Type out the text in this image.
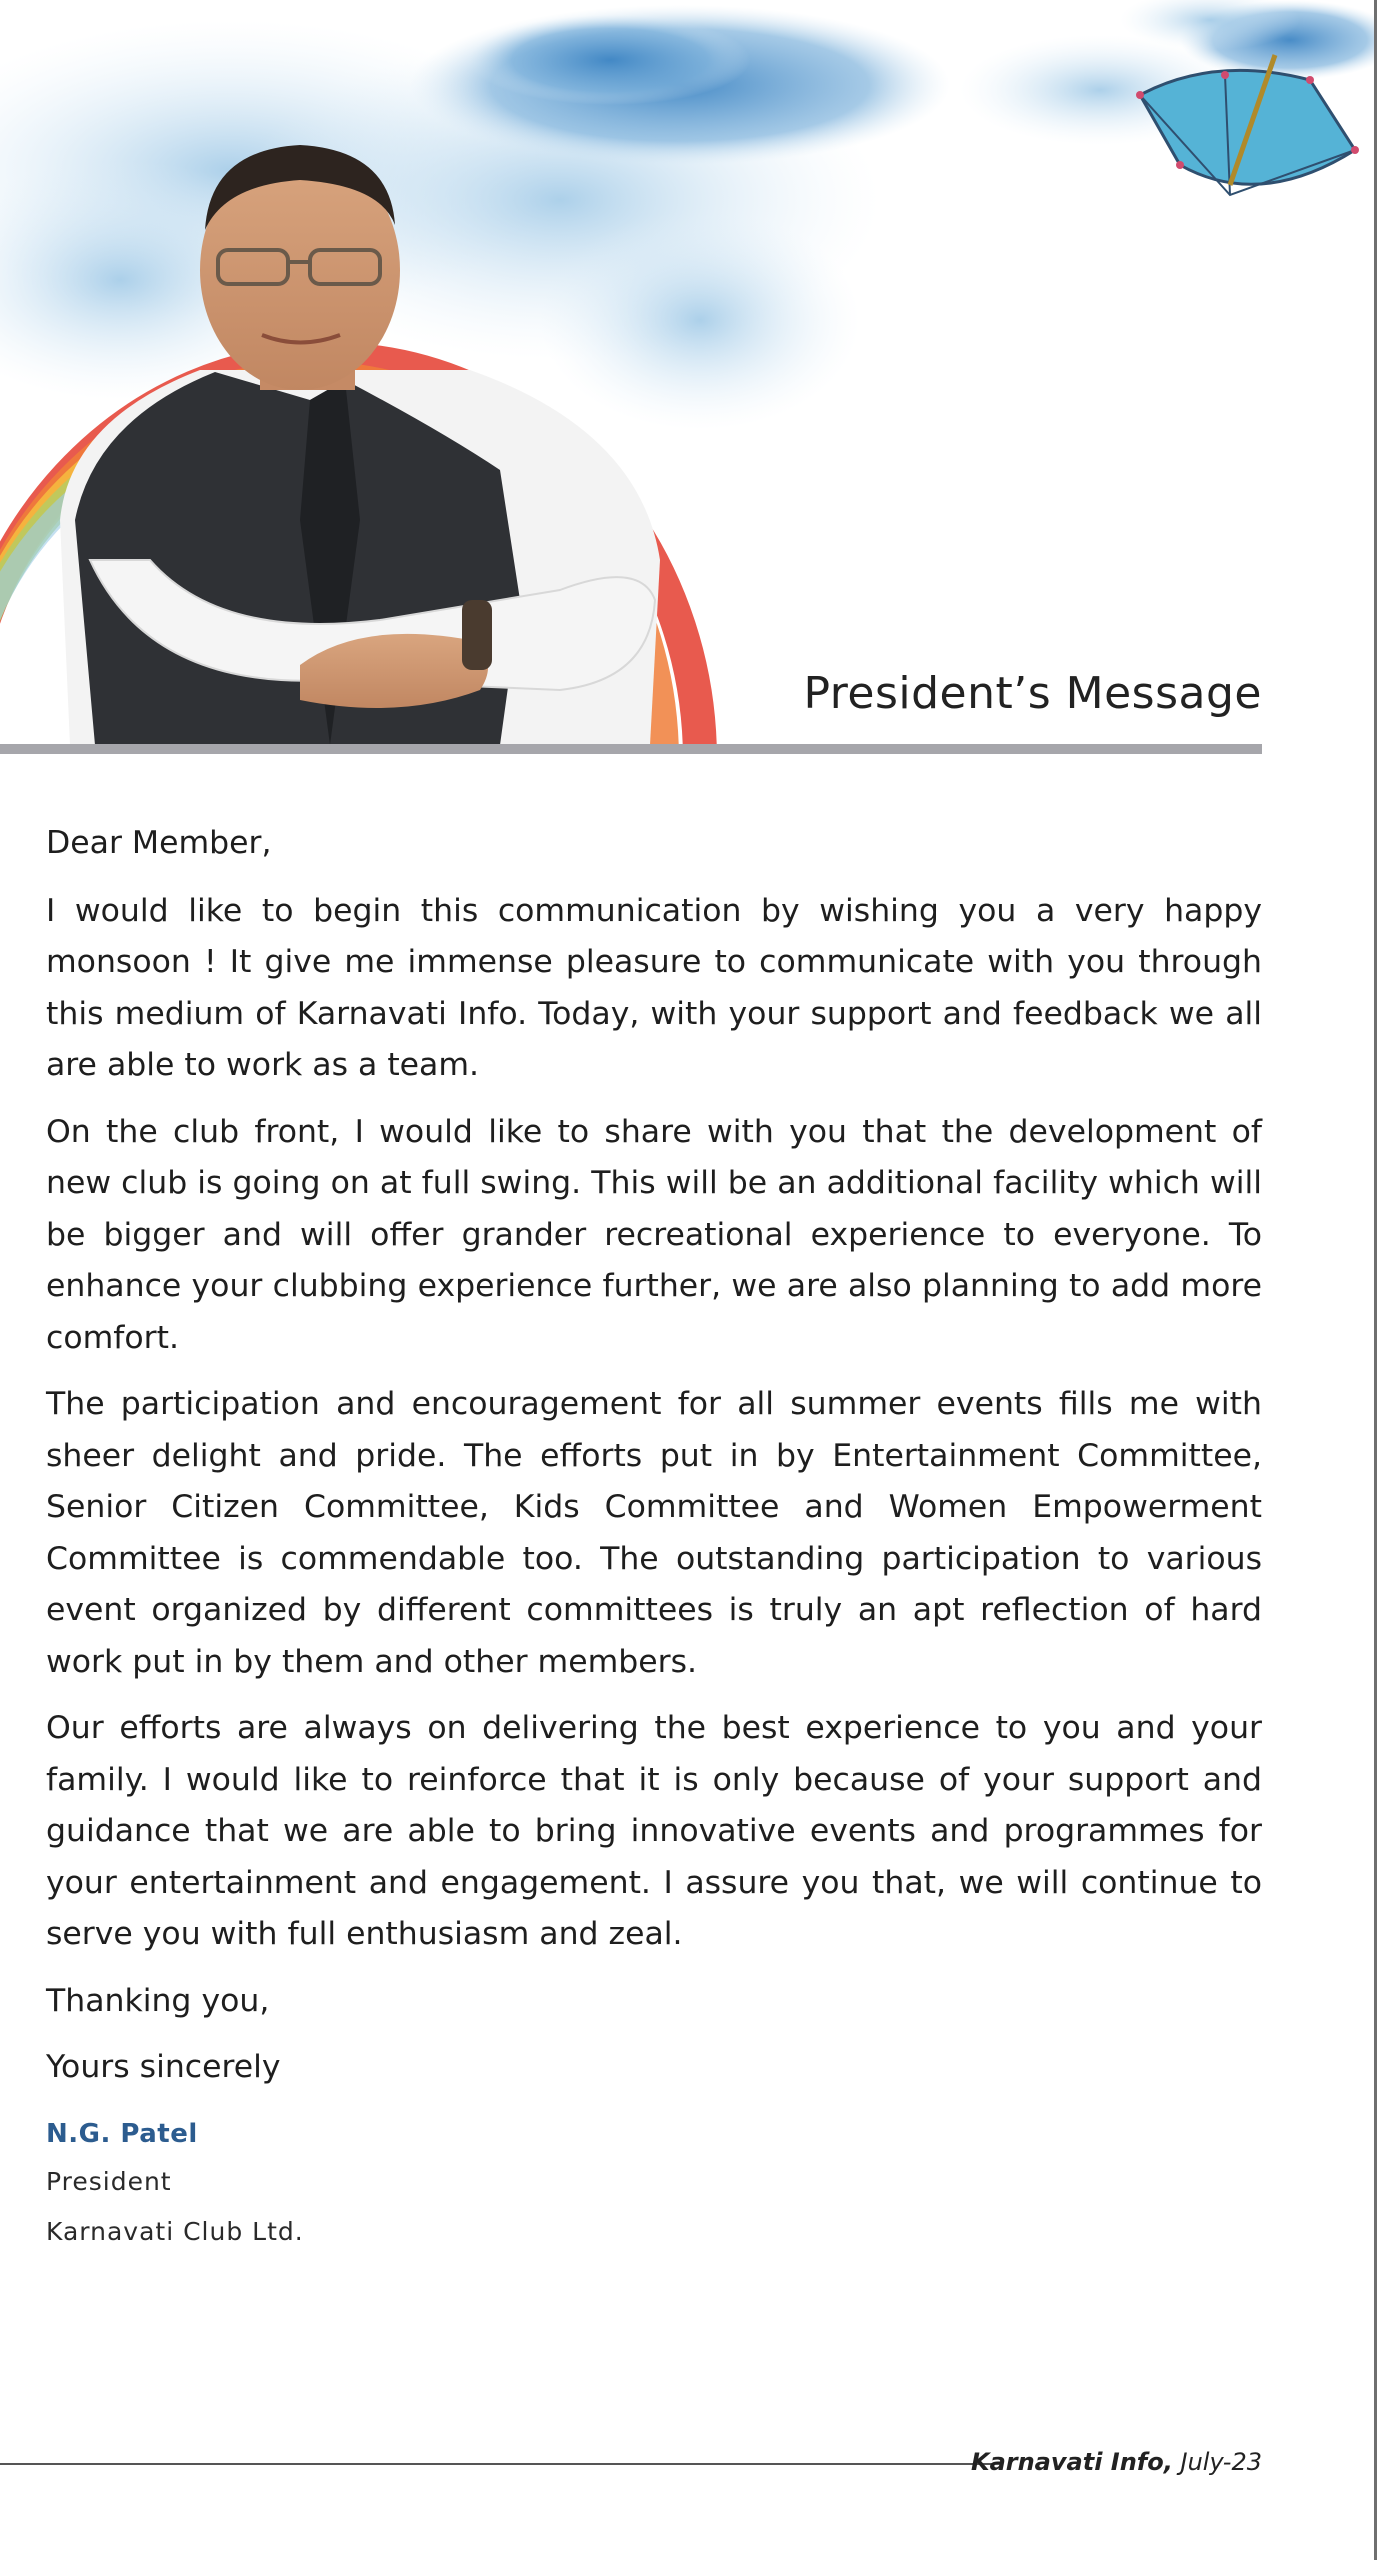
President’s Message

Dear Member,

I would like to begin this communication by wishing you a very happy monsoon ! It give me immense pleasure to communicate with you through this medium of Karnavati Info. Today, with your support and feedback we all are able to work as a team.

On the club front, I would like to share with you that the development of new club is going on at full swing. This will be an additional facility which will be bigger and will offer grander recreational experience to everyone. To enhance your clubbing experience further, we are also planning to add more comfort.

The participation and encouragement for all summer events fills me with sheer delight and pride. The efforts put in by Entertainment Committee, Senior Citizen Committee, Kids Committee and Women Empowerment Committee is commendable too. The outstanding participation to various event organized by different committees is truly an apt reflection of hard work put in by them and other members.

Our efforts are always on delivering the best experience to you and your family. I would like to reinforce that it is only because of your support and guidance that we are able to bring innovative events and programmes for your entertainment and engagement. I assure you that, we will continue to serve you with full enthusiasm and zeal.

Thanking you,

Yours sincerely

N.G. Patel
President
Karnavati Club Ltd.
Karnavati Info, July-23
